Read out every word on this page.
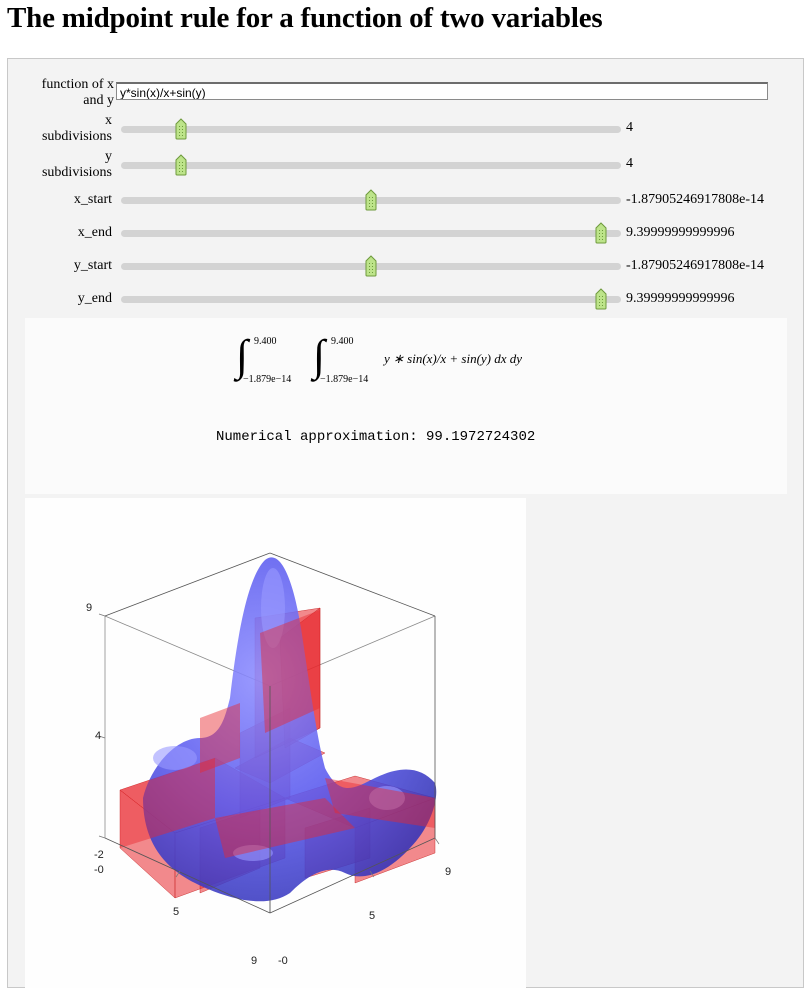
The midpoint rule for a function of two variables
function of x
and y y*sin(x)/x+sin(y)
x
subdivisions
4
y
subdivisions
4
x_start	-1.87905246917808e-14
x_end	9.39999999999996
y_start	-1.87905246917808e-14
y_end	9.39999999999996
∫ 9.400
−1.879e−14 ∫ 9.400
−1.879e−14
y ∗ sin(x)/x + sin(y) dx dy
Numerical approximation: 99.1972724302
9
4
-2
-0
5
9
9
5
-0
